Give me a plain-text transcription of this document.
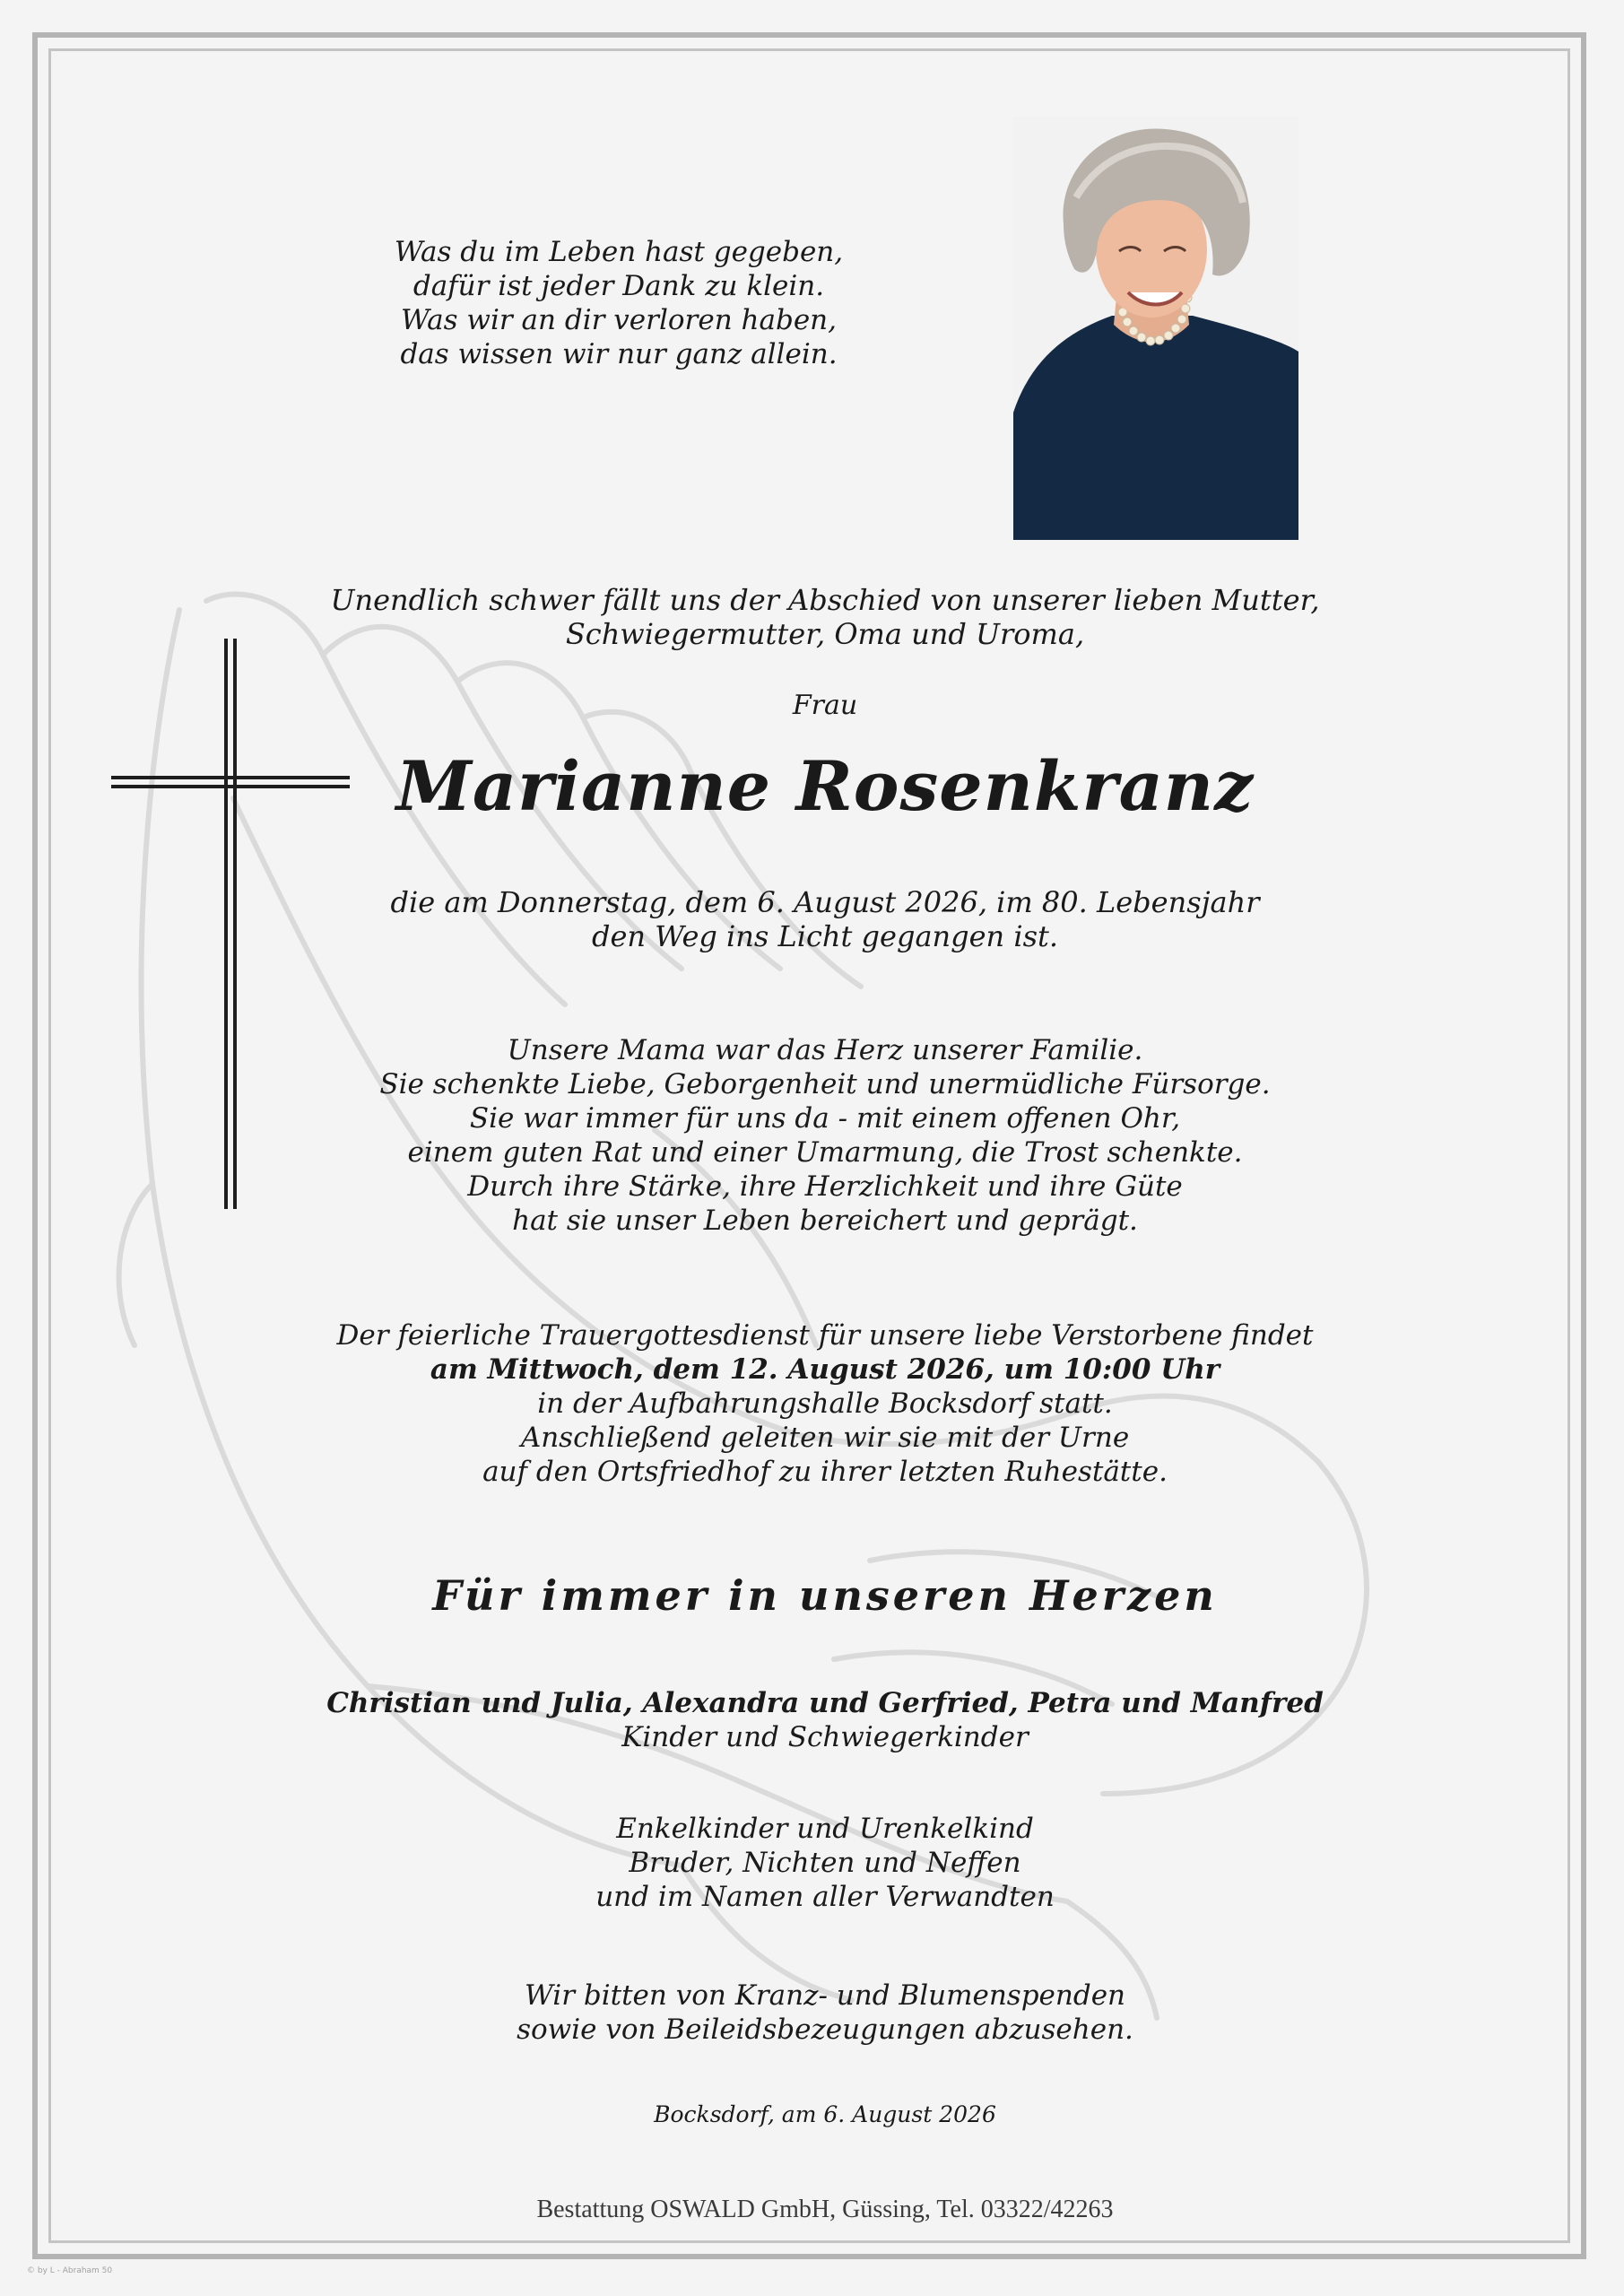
Was du im Leben hast gegeben,
dafür ist jeder Dank zu klein.
Was wir an dir verloren haben,
das wissen wir nur ganz allein.
Unendlich schwer fällt uns der Abschied von unserer lieben Mutter,
Schwiegermutter, Oma und Uroma,
Frau
Marianne Rosenkranz
die am Donnerstag, dem 6. August 2026, im 80. Lebensjahr
den Weg ins Licht gegangen ist.
Unsere Mama war das Herz unserer Familie.
Sie schenkte Liebe, Geborgenheit und unermüdliche Fürsorge.
Sie war immer für uns da - mit einem offenen Ohr,
einem guten Rat und einer Umarmung, die Trost schenkte.
Durch ihre Stärke, ihre Herzlichkeit und ihre Güte
hat sie unser Leben bereichert und geprägt.
Der feierliche Trauergottesdienst für unsere liebe Verstorbene findet
am Mittwoch, dem 12. August 2026, um 10:00 Uhr
in der Aufbahrungshalle Bocksdorf statt.
Anschließend geleiten wir sie mit der Urne
auf den Ortsfriedhof zu ihrer letzten Ruhestätte.
Für immer in unseren Herzen
Christian und Julia, Alexandra und Gerfried, Petra und Manfred
Kinder und Schwiegerkinder
Enkelkinder und Urenkelkind
Bruder, Nichten und Neffen
und im Namen aller Verwandten
Wir bitten von Kranz- und Blumenspenden
sowie von Beileidsbezeugungen abzusehen.
Bocksdorf, am 6. August 2026
Bestattung OSWALD GmbH, Güssing, Tel. 03322/42263
© by L - Abraham 50
